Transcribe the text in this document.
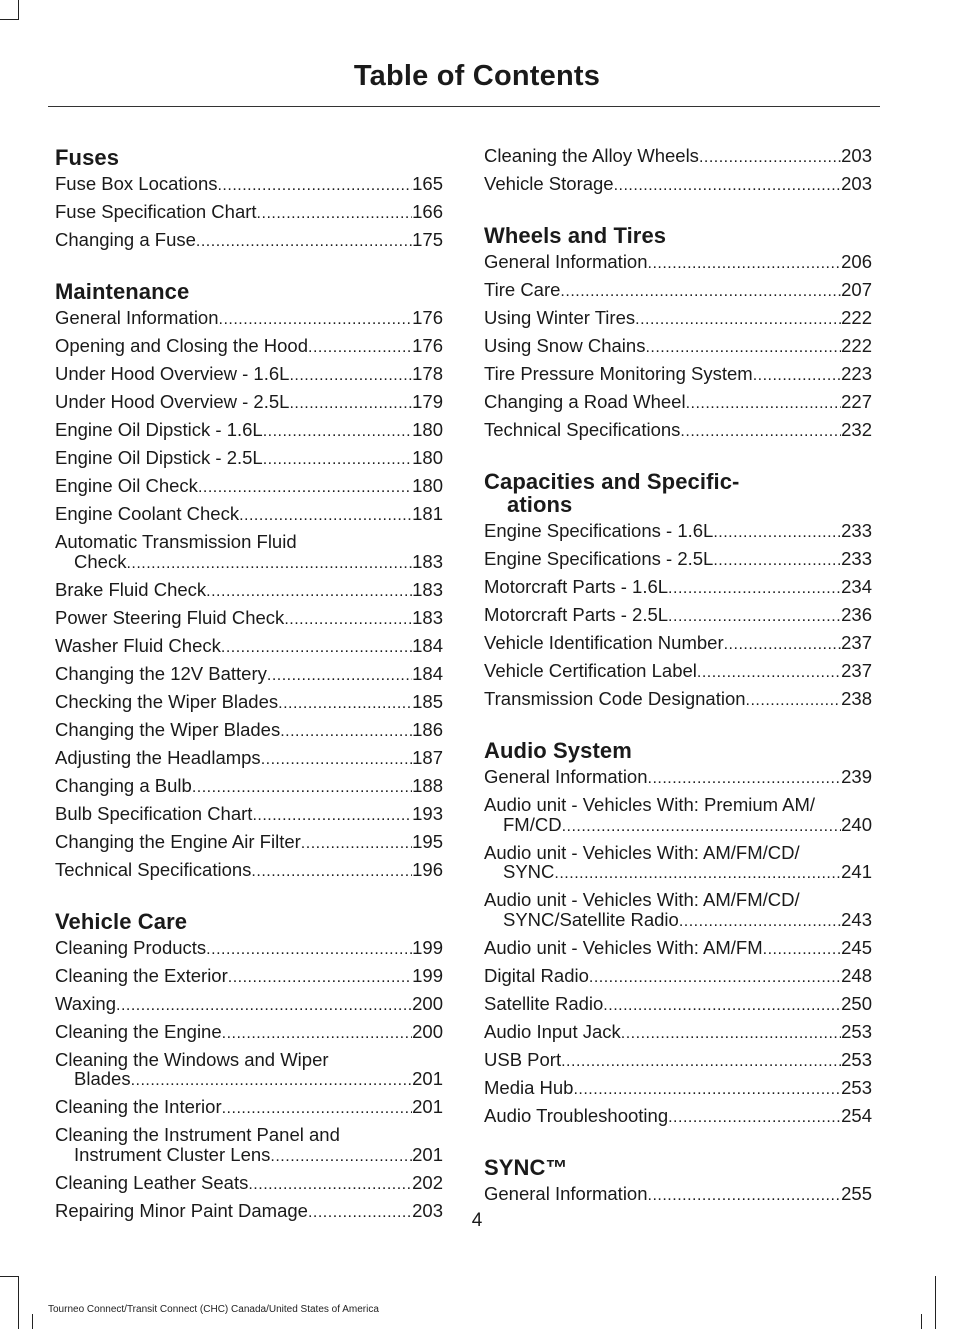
Table of Contents
Fuses
Fuse Box Locations .....	165
Fuse Specification Chart .....	166
Changing a Fuse .....	175
Maintenance
General Information .....	176
Opening and Closing the Hood .....	176
Under Hood Overview - 1.6L .....	178
Under Hood Overview - 2.5L .....	179
Engine Oil Dipstick - 1.6L .....	180
Engine Oil Dipstick - 2.5L .....	180
Engine Oil Check .....	180
Engine Coolant Check .....	181
Automatic Transmission Fluid
Check .....	183
Brake Fluid Check .....	183
Power Steering Fluid Check .....	183
Washer Fluid Check .....	184
Changing the 12V Battery .....	184
Checking the Wiper Blades .....	185
Changing the Wiper Blades .....	186
Adjusting the Headlamps .....	187
Changing a Bulb .....	188
Bulb Specification Chart .....	193
Changing the Engine Air Filter .....	195
Technical Specifications .....	196
Vehicle Care
Cleaning Products .....	199
Cleaning the Exterior .....	199
Waxing .....	200
Cleaning the Engine .....	200
Cleaning the Windows and Wiper
Blades .....	201
Cleaning the Interior .....	201
Cleaning the Instrument Panel and
Instrument Cluster Lens .....	201
Cleaning Leather Seats .....	202
Repairing Minor Paint Damage .....	203
Cleaning the Alloy Wheels .....	203
Vehicle Storage .....	203
Wheels and Tires
General Information .....	206
Tire Care .....	207
Using Winter Tires .....	222
Using Snow Chains .....	222
Tire Pressure Monitoring System .....	223
Changing a Road Wheel .....	227
Technical Specifications .....	232
Capacities and Specific-
ations
Engine Specifications - 1.6L .....	233
Engine Specifications - 2.5L .....	233
Motorcraft Parts - 1.6L .....	234
Motorcraft Parts - 2.5L .....	236
Vehicle Identification Number .....	237
Vehicle Certification Label .....	237
Transmission Code Designation .....	238
Audio System
General Information .....	239
Audio unit - Vehicles With: Premium AM/
FM/CD .....	240
Audio unit - Vehicles With: AM/FM/CD/
SYNC .....	241
Audio unit - Vehicles With: AM/FM/CD/
SYNC/Satellite Radio .....	243
Audio unit - Vehicles With: AM/FM .....	245
Digital Radio .....	248
Satellite Radio .....	250
Audio Input Jack .....	253
USB Port .....	253
Media Hub .....	253
Audio Troubleshooting .....	254
SYNC™
General Information .....	255
4
Tourneo Connect/Transit Connect (CHC) Canada/United States of America
